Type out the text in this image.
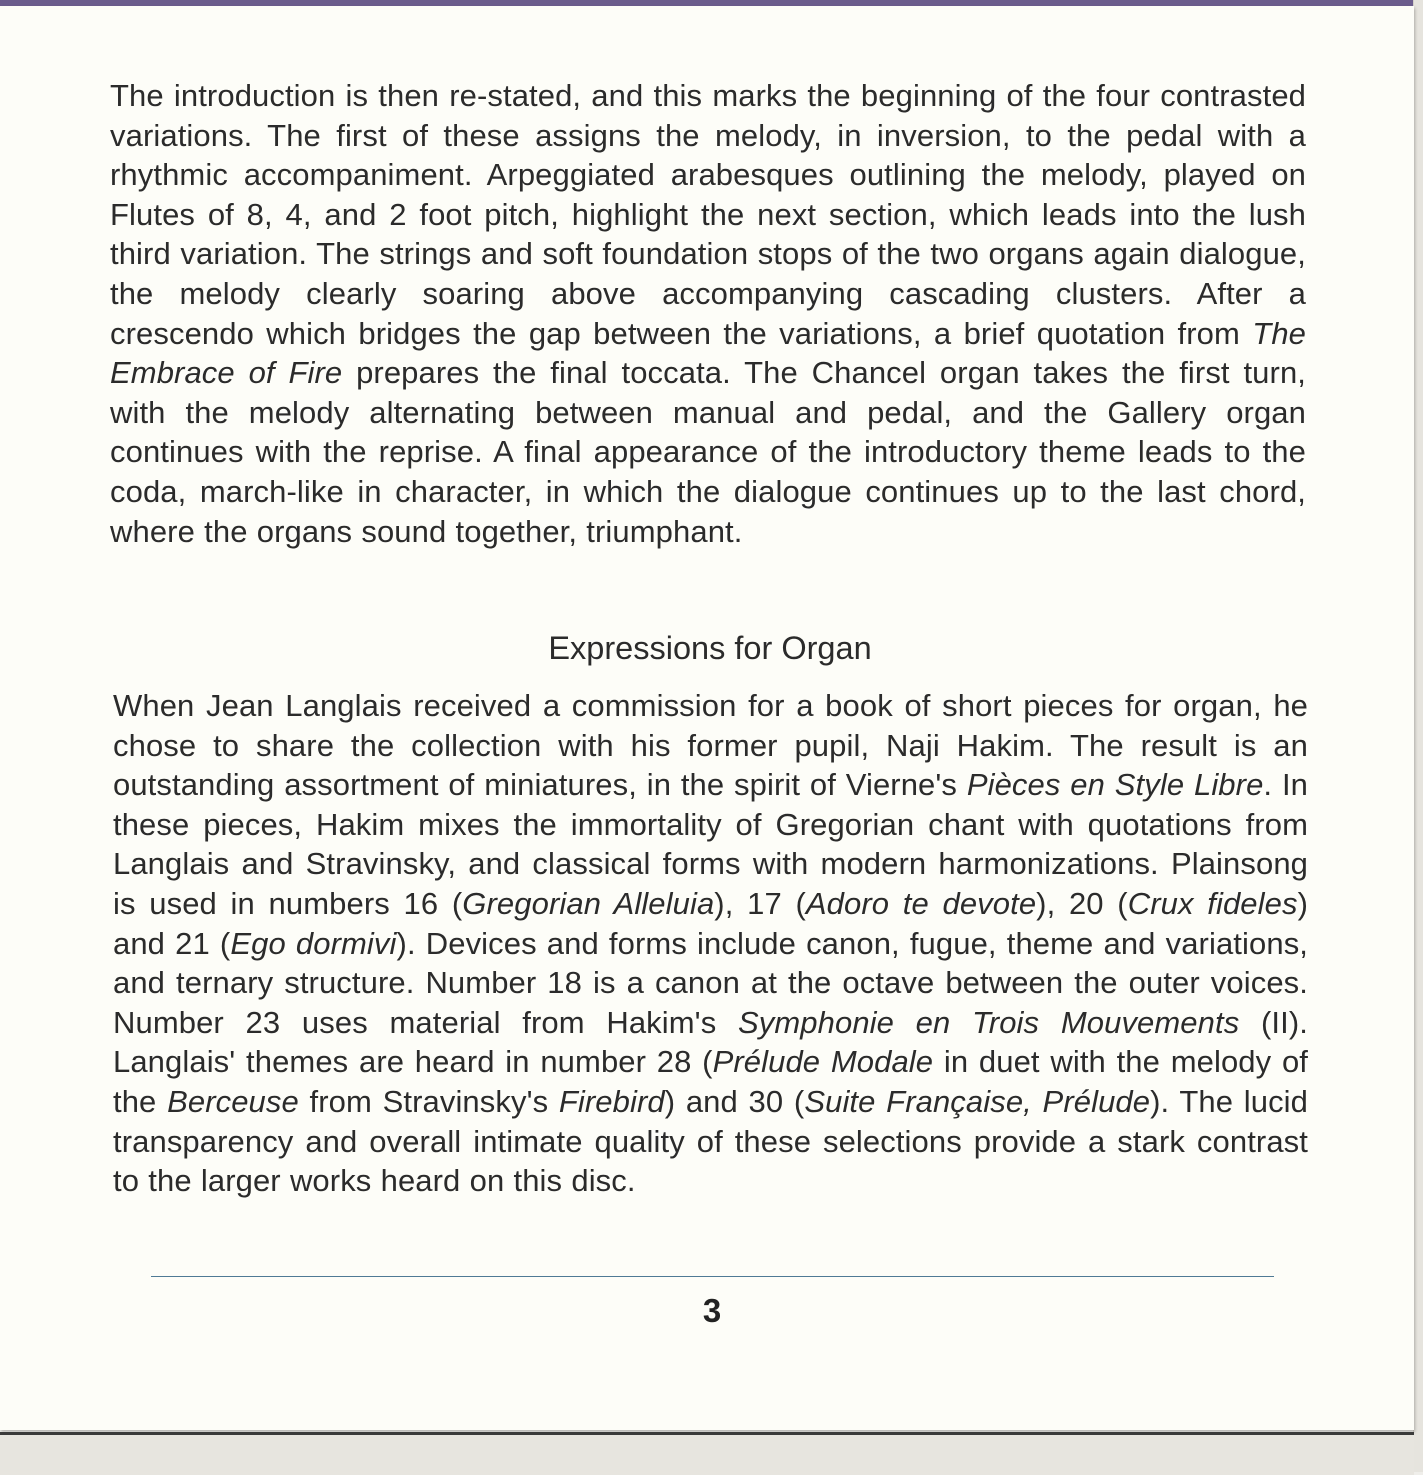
The introduction is then re-stated, and this marks the beginning of the four contrasted variations. The first of these assigns the melody, in inversion, to the pedal with a rhythmic accompaniment. Arpeggiated arabesques outlining the melody, played on Flutes of 8, 4, and 2 foot pitch, highlight the next section, which leads into the lush third variation. The strings and soft foundation stops of the two organs again dialogue, the melody clearly soaring above accompanying cascading clusters. After a crescendo which bridges the gap between the variations, a brief quotation from The Embrace of Fire prepares the final toccata. The Chancel organ takes the first turn, with the melody alternating between manual and pedal, and the Gallery organ continues with the reprise. A final appearance of the introductory theme leads to the coda, march-like in character, in which the dialogue continues up to the last chord, where the organs sound together, triumphant.
Expressions for Organ
When Jean Langlais received a commission for a book of short pieces for organ, he chose to share the collection with his former pupil, Naji Hakim. The result is an outstanding assortment of miniatures, in the spirit of Vierne's Pièces en Style Libre. In these pieces, Hakim mixes the immortality of Gregorian chant with quotations from Langlais and Stravinsky, and classical forms with modern harmonizations. Plainsong is used in numbers 16 (Gregorian Alleluia), 17 (Adoro te devote), 20 (Crux fideles) and 21 (Ego dormivi). Devices and forms include canon, fugue, theme and variations, and ternary structure. Number 18 is a canon at the octave between the outer voices. Number 23 uses material from Hakim's Symphonie en Trois Mouvements (II). Langlais' themes are heard in number 28 (Prélude Modale in duet with the melody of the Berceuse from Stravinsky's Firebird) and 30 (Suite Française, Prélude). The lucid transparency and overall intimate quality of these selections provide a stark contrast to the larger works heard on this disc.
3
